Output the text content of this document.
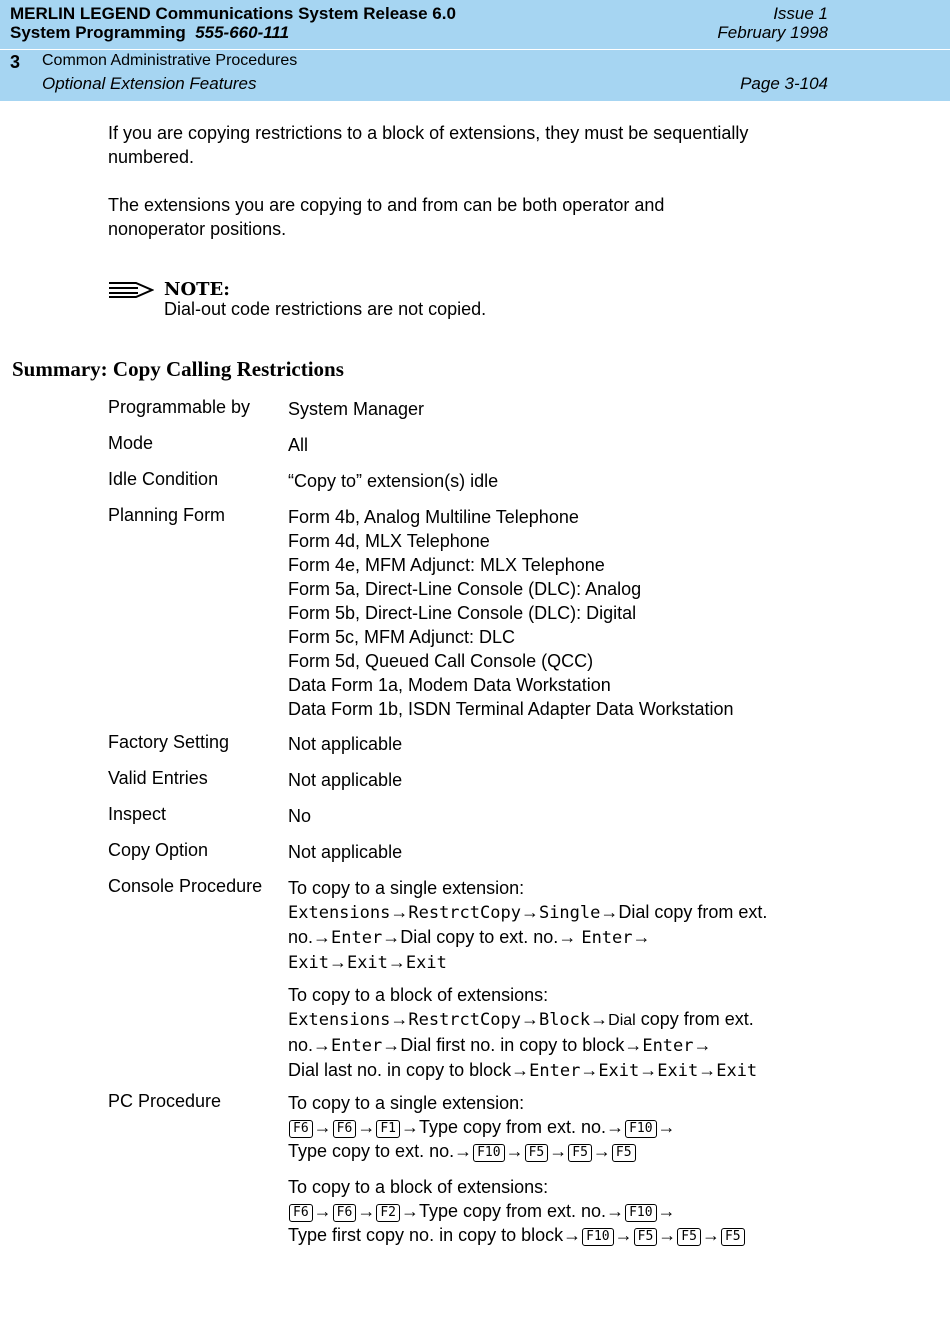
MERLIN LEGEND Communications System Release 6.0
System Programming 555-660-111
Issue 1
February 1998
3 Common Administrative Procedures
Optional Extension Features	Page 3-104
If you are copying restrictions to a block of extensions, they must be sequentially
numbered.
The extensions you are copying to and from can be both operator and
nonoperator positions.
NOTE:
Dial-out code restrictions are not copied.
Summary: Copy Calling Restrictions
Programmable by System Manager
Mode	All
Idle Condition	“Copy to” extension(s) idle
Planning Form	Form 4b, Analog Multiline Telephone
Form 4d, MLX Telephone
Form 4e, MFM Adjunct: MLX Telephone
Form 5a, Direct-Line Console (DLC): Analog
Form 5b, Direct-Line Console (DLC): Digital
Form 5c, MFM Adjunct: DLC
Form 5d, Queued Call Console (QCC)
Data Form 1a, Modem Data Workstation
Data Form 1b, ISDN Terminal Adapter Data Workstation
Factory Setting	Not applicable
Valid Entries	Not applicable
Inspect	No
Copy Option	Not applicable
Console Procedure To copy to a single extension:
Extensions→RestrctCopy→Single→Dial copy from ext.
no.→Enter→Dial copy to ext. no.→ Enter→
Exit→Exit→Exit
To copy to a block of extensions:
Extensions→RestrctCopy→Block→Dial copy from ext.
no.→Enter→Dial first no. in copy to block→Enter→
Dial last no. in copy to block→Enter→Exit→Exit→Exit
PC Procedure	To copy to a single extension:
F6 → F6 → F1 →Type copy from ext. no.→ F10 →
Type copy to ext. no.→ F10 → F5 → F5 → F5
To copy to a block of extensions:
F6 → F6 → F2 →Type copy from ext. no.→ F10 →
Type first copy no. in copy to block→ F10 → F5 → F5 → F5
